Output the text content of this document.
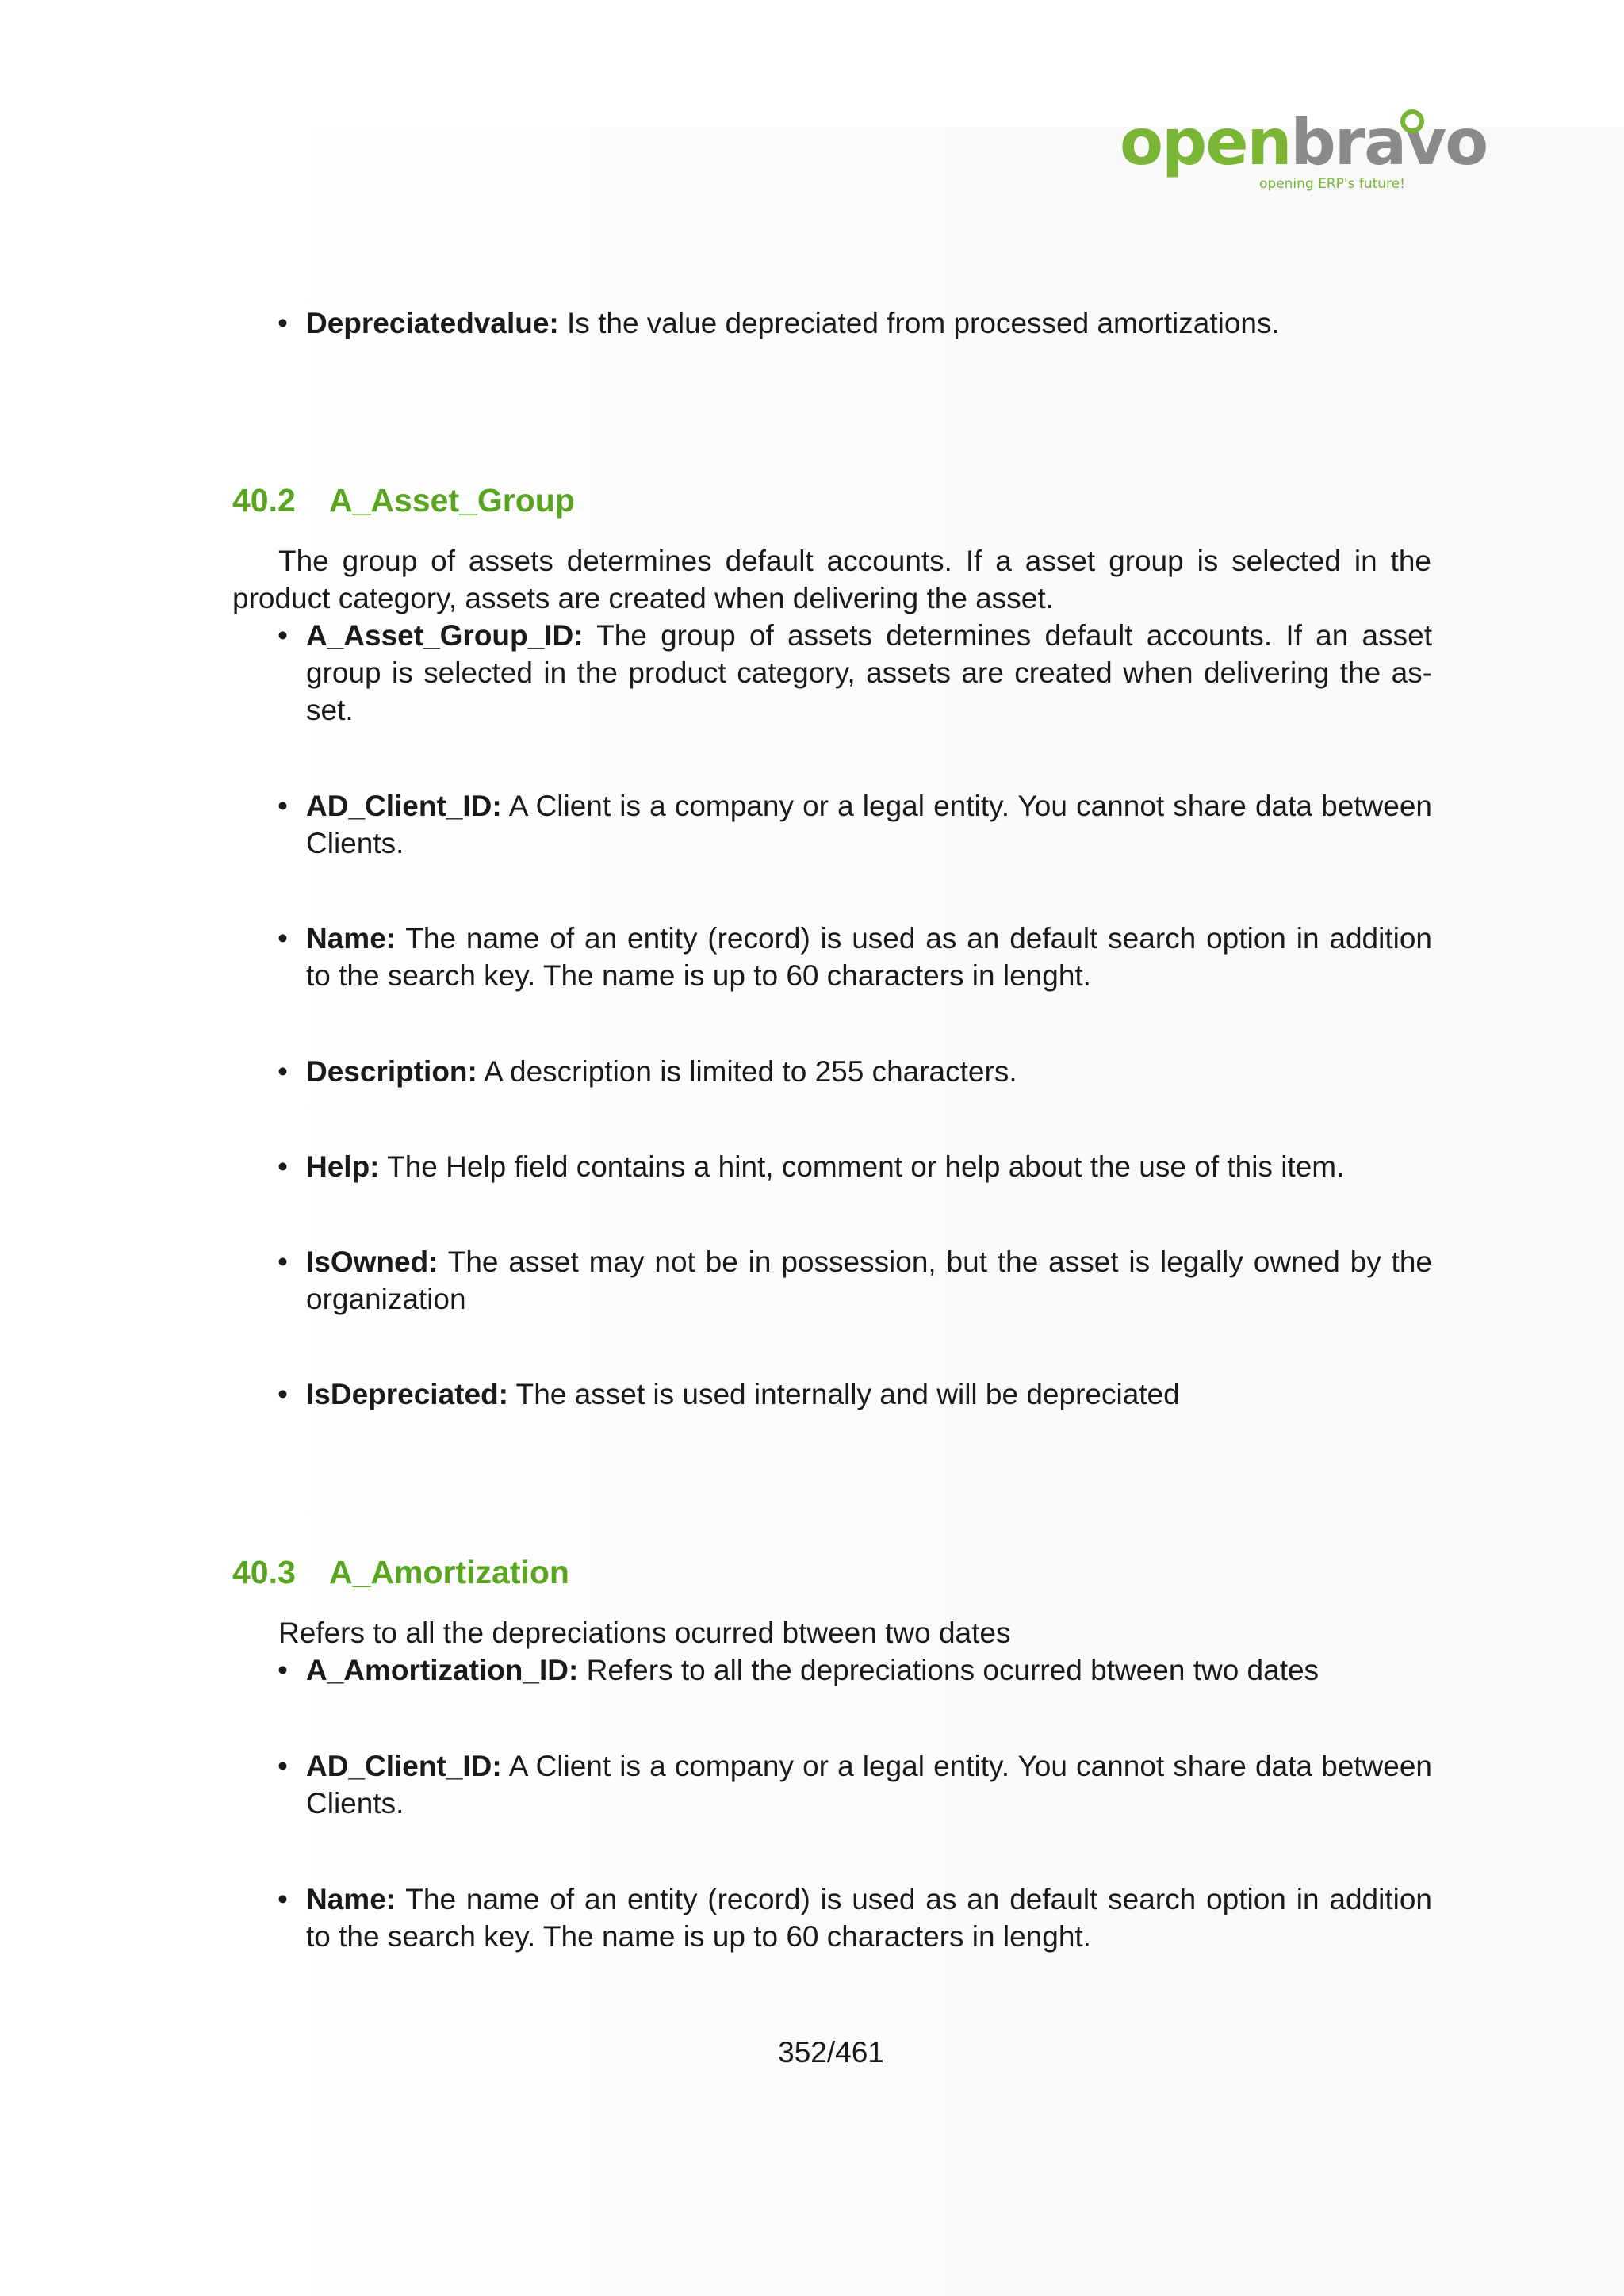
openbravo
opening ERP's future!
• Depreciatedvalue: Is the value depreciated from processed amortizations.
40.2 A_Asset_Group
The group of assets determines default accounts. If a asset group is selected in the product category, assets are created when delivering the asset.
• A_Asset_Group_ID: The group of assets determines default accounts. If an asset group is selected in the product category, assets are created when delivering the as-set.
• AD_Client_ID: A Client is a company or a legal entity. You cannot share data between Clients.
• Name: The name of an entity (record) is used as an default search option in addition to the search key. The name is up to 60 characters in lenght.
• Description: A description is limited to 255 characters.
• Help: The Help field contains a hint, comment or help about the use of this item.
• IsOwned: The asset may not be in possession, but the asset is legally owned by the organization
• IsDepreciated: The asset is used internally and will be depreciated
40.3 A_Amortization
Refers to all the depreciations ocurred btween two dates
• A_Amortization_ID: Refers to all the depreciations ocurred btween two dates
• AD_Client_ID: A Client is a company or a legal entity. You cannot share data between Clients.
• Name: The name of an entity (record) is used as an default search option in addition to the search key. The name is up to 60 characters in lenght.
352/461
